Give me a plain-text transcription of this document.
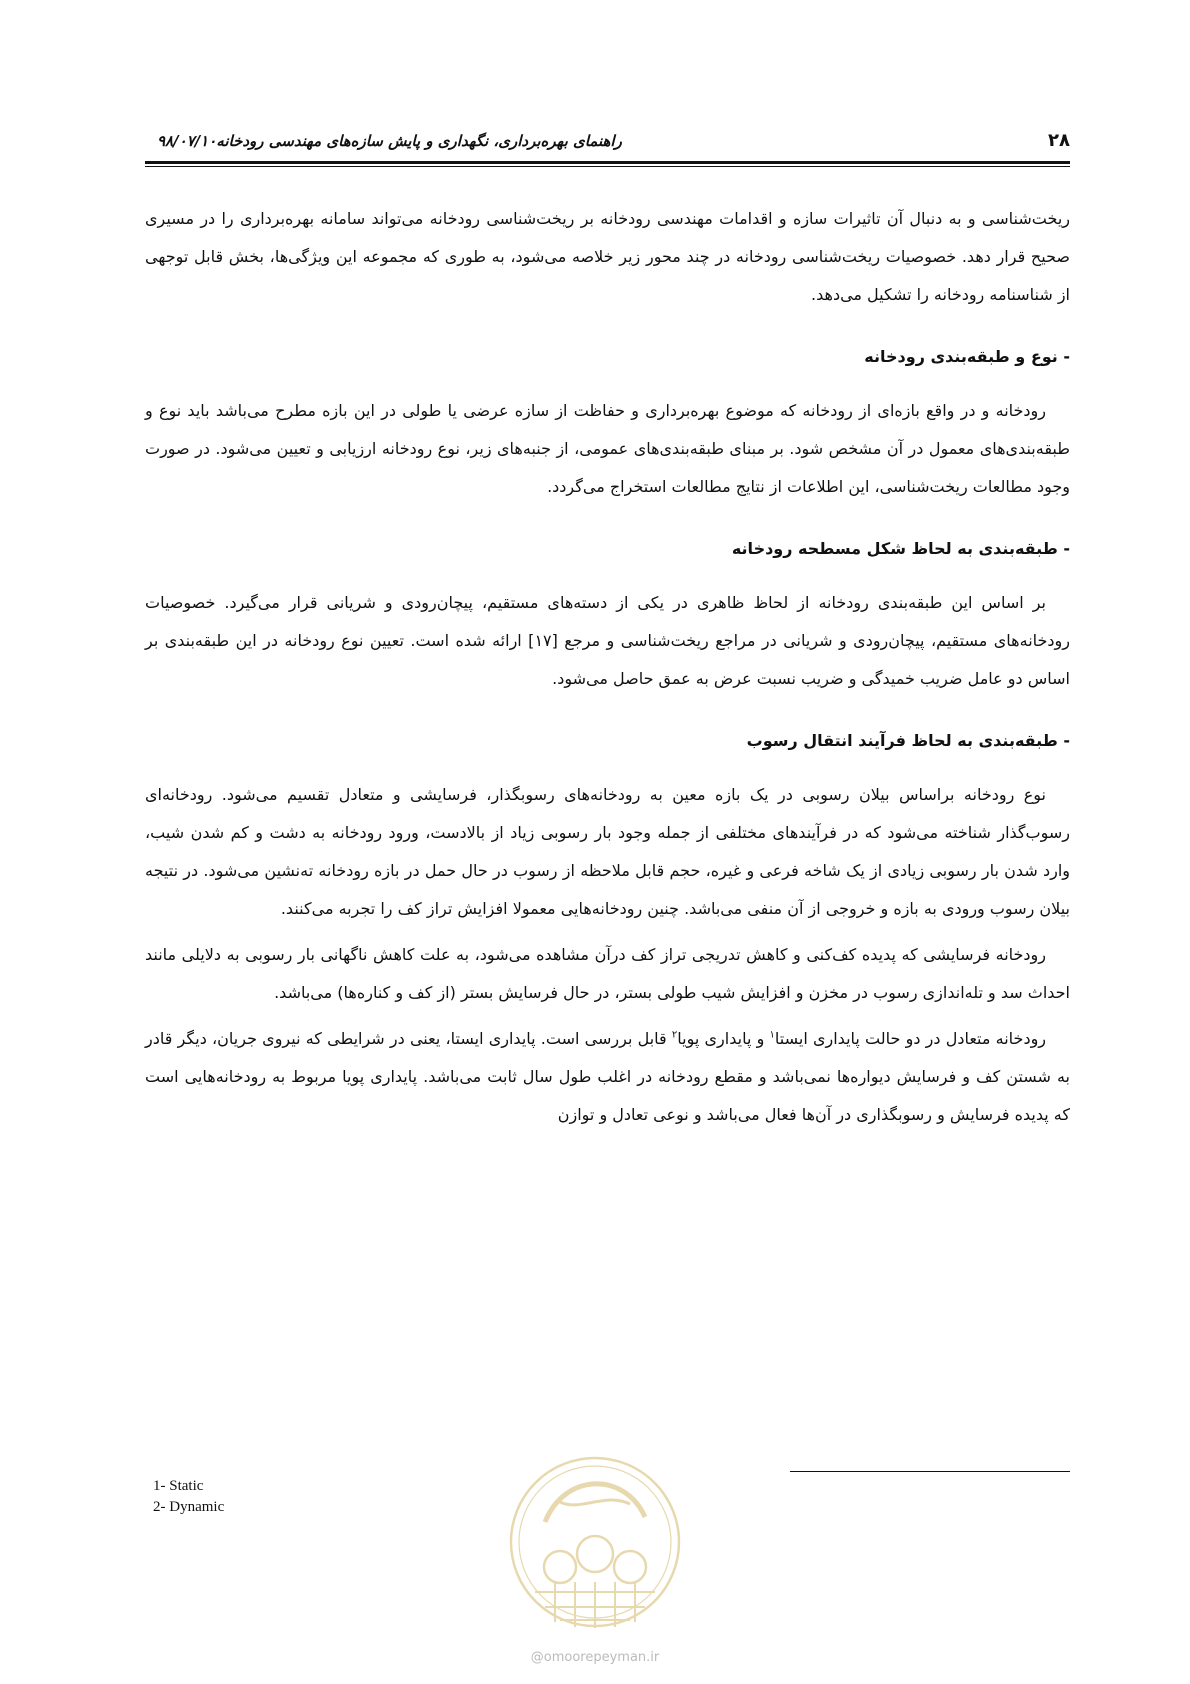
۲۸
راهنمای بهره‌برداری، نگهداری و پایش سازه‌های مهندسی رودخانه۹۸/۰۷/۱۰

ریخت‌شناسی و به دنبال آن تاثیرات سازه و اقدامات مهندسی رودخانه بر ریخت‌شناسی رودخانه می‌تواند سامانه بهره‌برداری را در مسیری صحیح قرار دهد. خصوصیات ریخت‌شناسی رودخانه در چند محور زیر خلاصه می‌شود، به طوری که مجموعه این ویژگی‌ها، بخش قابل توجهی از شناسنامه رودخانه را تشکیل می‌دهد.

- نوع و طبقه‌بندی رودخانه

رودخانه و در واقع بازه‌ای از رودخانه که موضوع بهره‌برداری و حفاظت از سازه عرضی یا طولی در این بازه مطرح می‌باشد باید نوع و طبقه‌بندی‌های معمول در آن مشخص شود. بر مبنای طبقه‌بندی‌های عمومی، از جنبه‌های زیر، نوع رودخانه ارزیابی و تعیین می‌شود. در صورت وجود مطالعات ریخت‌شناسی، این اطلاعات از نتایج مطالعات استخراج می‌گردد.

- طبقه‌بندی به لحاظ شکل مسطحه رودخانه

بر اساس این طبقه‌بندی رودخانه از لحاظ ظاهری در یکی از دسته‌های مستقیم، پیچان‌رودی و شریانی قرار می‌گیرد. خصوصیات رودخانه‌های مستقیم، پیچان‌رودی و شریانی در مراجع ریخت‌شناسی و مرجع [۱۷] ارائه شده است. تعیین نوع رودخانه در این طبقه‌بندی بر اساس دو عامل ضریب خمیدگی و ضریب نسبت عرض به عمق حاصل می‌شود.

- طبقه‌بندی به لحاظ فرآیند انتقال رسوب

نوع رودخانه براساس بیلان رسوبی در یک بازه معین به رودخانه‌های رسوبگذار، فرسایشی و متعادل تقسیم می‌شود. رودخانه‌ای رسوب‌گذار شناخته می‌شود که در فرآیندهای مختلفی از جمله وجود بار رسوبی زیاد از بالادست، ورود رودخانه به دشت و کم شدن شیب، وارد شدن بار رسوبی زیادی از یک شاخه فرعی و غیره، حجم قابل ملاحظه از رسوب در حال حمل در بازه رودخانه ته‌نشین می‌شود. در نتیجه بیلان رسوب ورودی به بازه و خروجی از آن منفی می‌باشد. چنین رودخانه‌هایی معمولا افزایش تراز کف را تجربه می‌کنند.

رودخانه فرسایشی که پدیده کف‌کنی و کاهش تدریجی تراز کف درآن مشاهده می‌شود، به علت کاهش ناگهانی بار رسوبی به دلایلی مانند احداث سد و تله‌اندازی رسوب در مخزن و افزایش شیب طولی بستر، در حال فرسایش بستر (از کف و کناره‌ها) می‌باشد.

رودخانه متعادل در دو حالت پایداری ایستا$^۱$ و پایداری پویا$^۲$ قابل بررسی است. پایداری ایستا، یعنی در شرایطی که نیروی جریان، دیگر قادر به شستن کف و فرسایش دیواره‌ها نمی‌باشد و مقطع رودخانه در اغلب طول سال ثابت می‌باشد. پایداری پویا مربوط به رودخانه‌هایی است که پدیده فرسایش و رسوبگذاری در آن‌ها فعال می‌باشد و نوعی تعادل و توازن

1- Static
2- Dynamic
@omoorepeyman.ir
